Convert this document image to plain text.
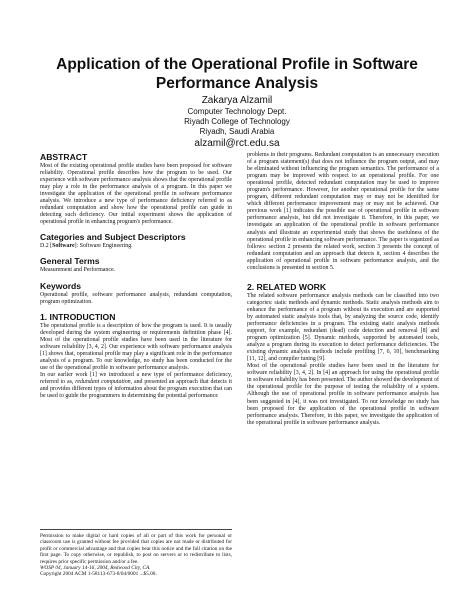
Application of the Operational Profile in Software Performance Analysis
Zakarya Alzamil
Computer Technology Dept.
Riyadh College of Technology
Riyadh, Saudi Arabia
alzamil@rct.edu.sa
ABSTRACT

Most of the existing operational profile studies have been proposed for software reliability. Operational profile describes how the program to be used. Our experience with software performance analysis shows that the operational profile may play a role in the performance analysis of a program. In this paper we investigate the application of the operational profile in software performance analysis. We introduce a new type of performance deficiency referred to as redundant computation and show how the operational profile can guide in detecting such deficiency. Our initial experiment shows the application of operational profile in enhancing program's performance.

Categories and Subject Descriptors

D.2 [Software]: Software Engineering.

General Terms

Measurement and Performance.

Keywords

Operational profile, software performance analysis, redundant computation, program optimization.

1. INTRODUCTION

The operational profile is a description of how the program is used. It is usually developed during the system engineering or requirements definition phase [4]. Most of the operational profile studies have been used in the literature for software reliability [3, 4, 2]. Our experience with software performance analysis [1] shows that, operational profile may play a significant role in the performance analysis of a program. To our knowledge, no study has been conducted for the use of the operational profile in software performance analysis.

In our earlier work [1] we introduced a new type of performance deficiency, referred to as, redundant computation, and presented an approach that detects it and provides different types of information about the program execution that can be used to guide the programmers in determining the potential performance

Permission to make digital or hard copies of all or part of this work for personal or classroom use is granted without fee provided that copies are not made or distributed for profit or commercial advantage and that copies bear this notice and the full citation on the first page. To copy otherwise, or republish, to post on servers or to redistribute to lists, requires prior specific permission and/or a fee.

WOSP 04, January 14-16, 2004, Redwood City, CA.

Copyright 2004 ACM 1-58113-673-0/04/0001 ...$5.00.

problems in their programs. Redundant computation is an unnecessary execution of a program statement(s) that does not influence the program output, and may be eliminated without influencing the program semantics. The performance of a program may be improved with respect to an operational profile. For one operational profile, detected redundant computation may be used to improve program's performance. However, for another operational profile for the same program, different redundant computation may or may not be identified for which different performance improvement may or may not be achieved. Our previous work [1] indicates the possible use of operational profile in software performance analysis, but did not investigate it. Therefore, in this paper, we investigate an application of the operational profile in software performance analysis and illustrate an experimental study that shows the usefulness of the operational profile in enhancing software performance. The paper is organized as follows: section 2 presents the related work, section 3 presents the concept of redundant computation and an approach that detects it, section 4 describes the application of operational profile in software performance analysis, and the conclusions is presented in section 5.

2. RELATED WORK

The related software performance analysis methods can be classified into two categories: static methods and dynamic methods. Static analysis methods aim to enhance the performance of a program without its execution and are supported by automated static analysis tools that, by analyzing the source code, identify performance deficiencies in a program. The existing static analysis methods support, for example, redundant (dead) code detection and removal [8] and program optimization [5]. Dynamic methods, supported by automated tools, analyze a program during its execution to detect performance deficiencies. The existing dynamic analysis methods include profiling [7, 6, 10], benchmarking [11, 12], and compiler tuning [9].

Most of the operational profile studies have been used in the literature for software reliability [3, 4, 2]. In [4] an approach for using the operational profile in software reliability has been presented. The author showed the development of the operational profile for the purpose of testing the reliability of a system. Although the use of operational profile in software performance analysis has been suggested in [4], it was not investigated. To our knowledge no study has been proposed for the application of the operational profile in software performance analysis. Therefore, in this paper, we investigate the application of the operational profile in software performance analysis.
